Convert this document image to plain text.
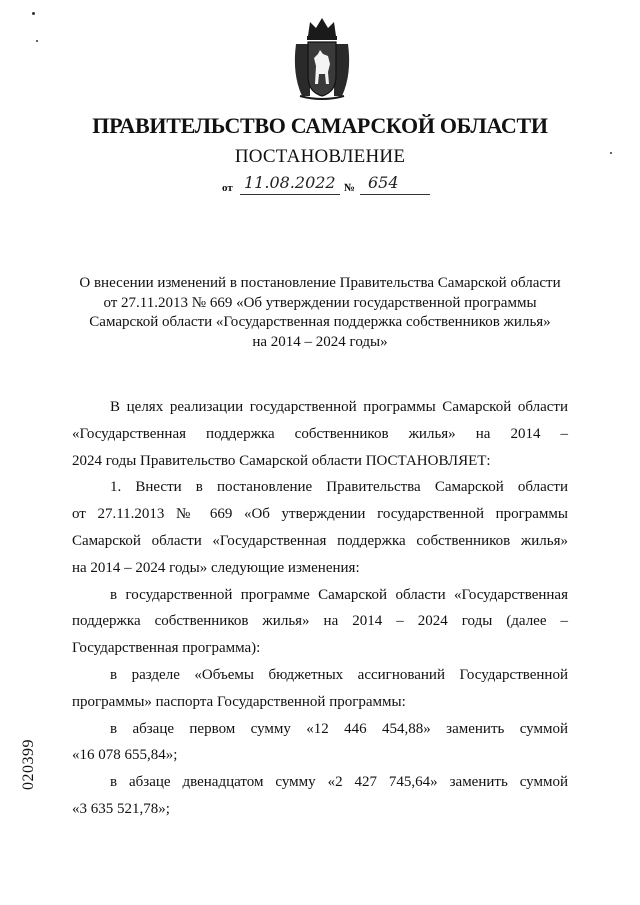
ПРАВИТЕЛЬСТВО САМАРСКОЙ ОБЛАСТИ
ПОСТАНОВЛЕНИЕ
от 11.08.2022 № 654
О внесении изменений в постановление Правительства Самарской области
от 27.11.2013 № 669 «Об утверждении государственной программы
Самарской области «Государственная поддержка собственников жилья»
на 2014 – 2024 годы»
В целях реализации государственной программы Самарской области
«Государственная поддержка собственников жилья» на 2014 –
2024 годы Правительство Самарской области ПОСТАНОВЛЯЕТ:
1. Внести в постановление Правительства Самарской области
от 27.11.2013 № 669 «Об утверждении государственной программы
Самарской области «Государственная поддержка собственников жилья»
на 2014 – 2024 годы» следующие изменения:
в государственной программе Самарской области «Государственная
поддержка собственников жилья» на 2014 – 2024 годы (далее –
Государственная программа):
в разделе «Объемы бюджетных ассигнований Государственной
программы» паспорта Государственной программы:
в абзаце первом сумму «12 446 454,88» заменить суммой
«16 078 655,84»;
в абзаце двенадцатом сумму «2 427 745,64» заменить суммой
«3 635 521,78»;
020399
